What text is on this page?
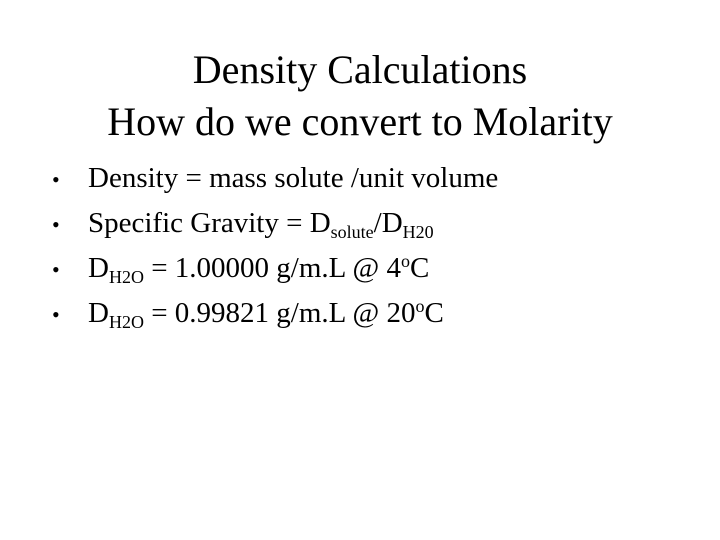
Density Calculations
How do we convert to Molarity
• Density = mass solute /unit volume
• Specific Gravity = $D_{solute}/D_{H20}$
• $D_{H2O} = 1.00000$ g/m.L @ 4$^o$C
• $D_{H2O} = 0.99821$ g/m.L @ 20$^o$C
